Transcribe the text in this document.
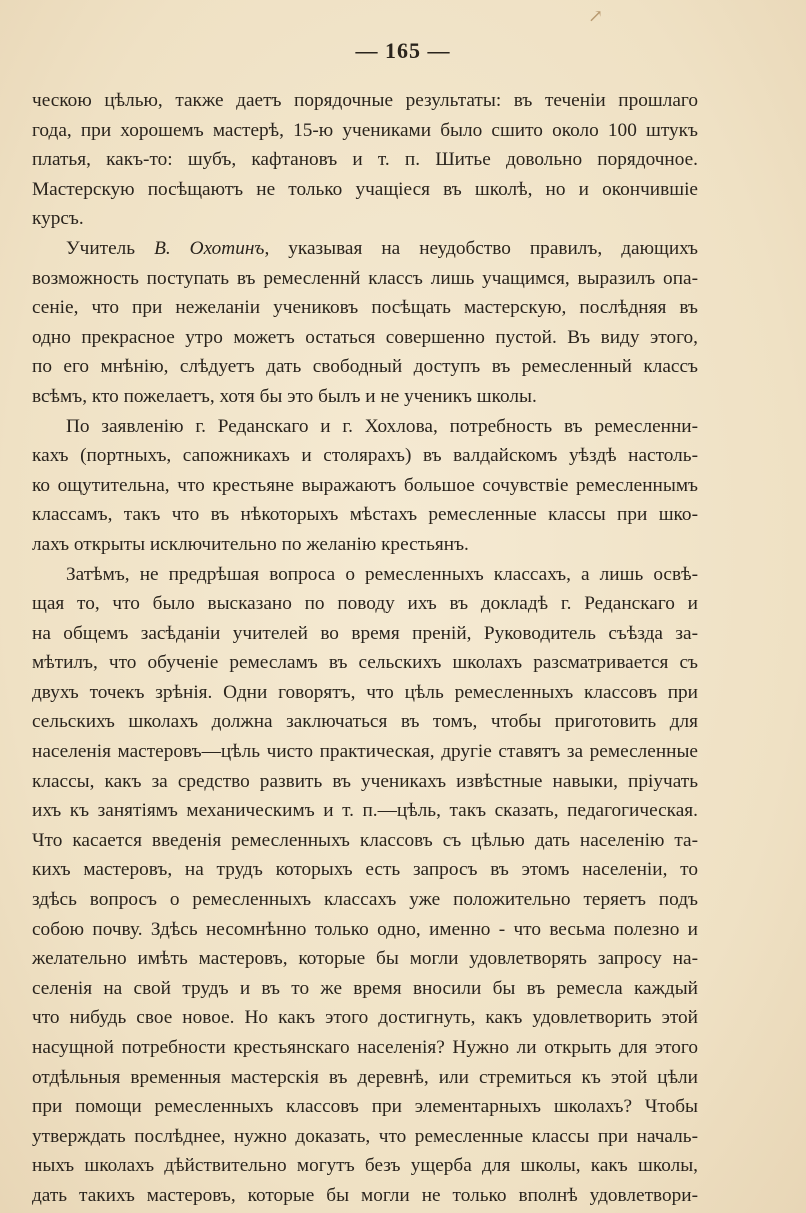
↗
— 165 —

ческою цѣлью, также даетъ порядочные результаты: въ теченіи прошлаго

года, при хорошемъ мастерѣ, 15-ю учениками было сшито около 100 штукъ

платья, какъ-то: шубъ, кафтановъ и т. п. Шитье довольно порядочное.

Мастерскую посѣщаютъ не только учащіеся въ школѣ, но и окончившіе

курсъ.

Учитель В. Охотинъ, указывая на неудобство правилъ, дающихъ

возможность поступать въ ремесленнй классъ лишь учащимся, выразилъ опа-

сеніе, что при нежеланіи учениковъ посѣщать мастерскую, послѣдняя въ

одно прекрасное утро можетъ остаться совершенно пустой. Въ виду этого,

по его мнѣнію, слѣдуетъ дать свободный доступъ въ ремесленный классъ

всѣмъ, кто пожелаетъ, хотя бы это былъ и не ученикъ школы.

По заявленію г. Реданскаго и г. Хохлова, потребность въ ремесленни-

кахъ (портныхъ, сапожникахъ и столярахъ) въ валдайскомъ уѣздѣ настоль-

ко ощутительна, что крестьяне выражаютъ большое сочувствіе ремесленнымъ

классамъ, такъ что въ нѣкоторыхъ мѣстахъ ремесленные классы при шко-

лахъ открыты исключительно по желанію крестьянъ.

Затѣмъ, не предрѣшая вопроса о ремесленныхъ классахъ, а лишь освѣ-

щая то, что было высказано по поводу ихъ въ докладѣ г. Реданскаго и

на общемъ засѣданіи учителей во время преній, Руководитель съѣзда за-

мѣтилъ, что обученіе ремесламъ въ сельскихъ школахъ разсматривается съ

двухъ точекъ зрѣнія. Одни говорятъ, что цѣль ремесленныхъ классовъ при

сельскихъ школахъ должна заключаться въ томъ, чтобы приготовить для

населенія мастеровъ—цѣль чисто практическая, другіе ставятъ за ремесленные

классы, какъ за средство развить въ ученикахъ извѣстные навыки, пріучать

ихъ къ занятіямъ механическимъ и т. п.—цѣль, такъ сказать, педагогическая.

Что касается введенія ремесленныхъ классовъ съ цѣлью дать населенію та-

кихъ мастеровъ, на трудъ которыхъ есть запросъ въ этомъ населеніи, то

здѣсь вопросъ о ремесленныхъ классахъ уже положительно теряетъ подъ

собою почву. Здѣсь несомнѣнно только одно, именно - что весьма полезно и

желательно имѣть мастеровъ, которые бы могли удовлетворять запросу на-

селенія на свой трудъ и въ то же время вносили бы въ ремесла каждый

что нибудь свое новое. Но какъ этого достигнуть, какъ удовлетворить этой

насущной потребности крестьянскаго населенія? Нужно ли открыть для этого

отдѣльныя временныя мастерскія въ деревнѣ, или стремиться къ этой цѣли

при помощи ремесленныхъ классовъ при элементарныхъ школахъ? Чтобы

утверждать послѣднее, нужно доказать, что ремесленные классы при началь-

ныхъ школахъ дѣйствительно могутъ безъ ущерба для школы, какъ школы,

дать такихъ мастеровъ, которые бы могли не только вполнѣ удовлетвори-
